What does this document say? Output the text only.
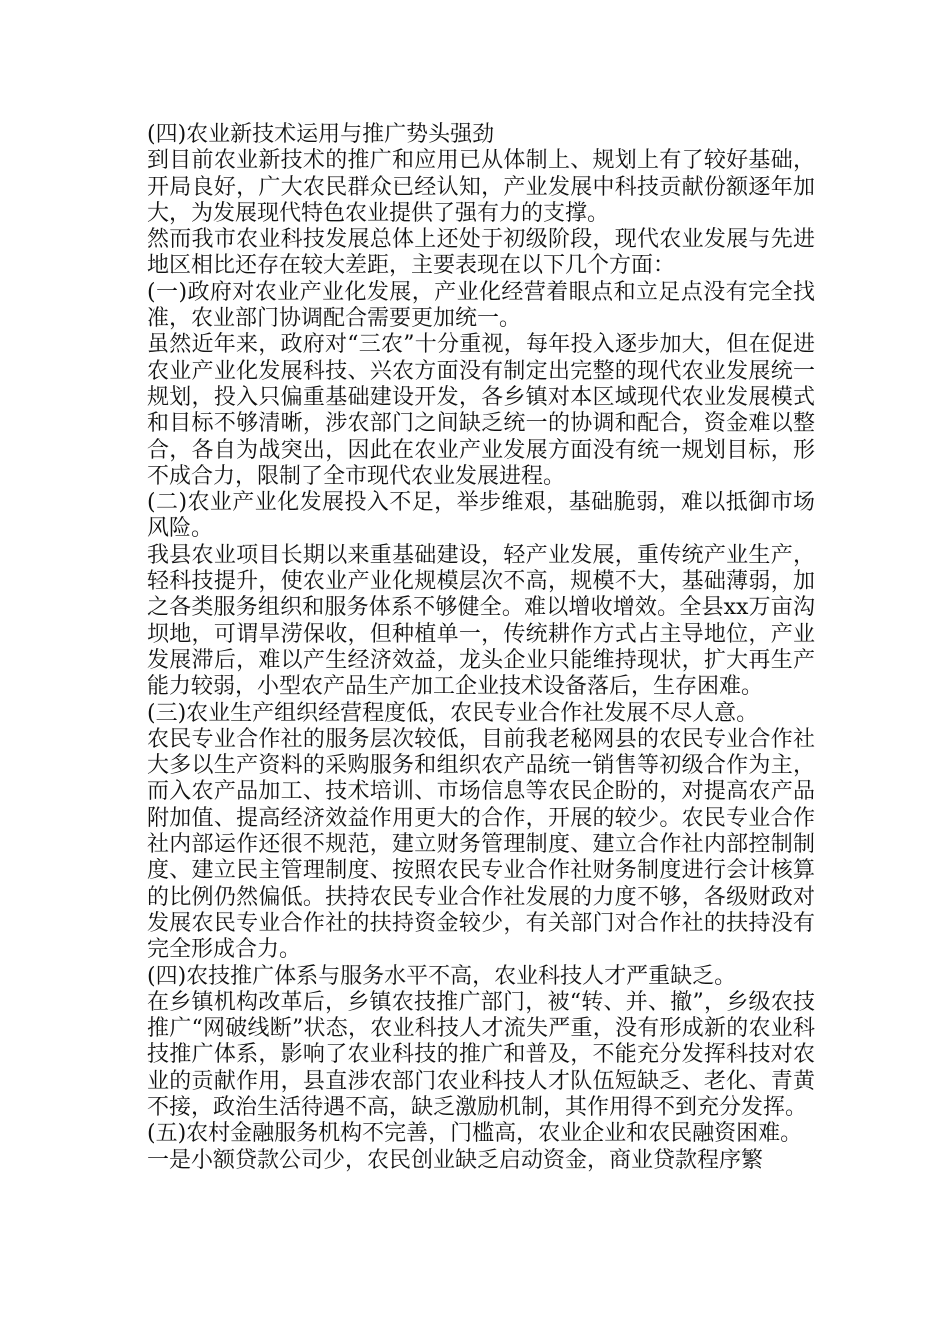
(四)农业新技术运用与推广势头强劲

到目前农业新技术的推广和应用已从体制上、规划上有了较好基础，开局良好，广大农民群众已经认知，产业发展中科技贡献份额逐年加大，为发展现代特色农业提供了强有力的支撑。

然而我市农业科技发展总体上还处于初级阶段，现代农业发展与先进地区相比还存在较大差距，主要表现在以下几个方面：

(一)政府对农业产业化发展，产业化经营着眼点和立足点没有完全找准，农业部门协调配合需要更加统一。

虽然近年来，政府对“三农”十分重视，每年投入逐步加大，但在促进农业产业化发展科技、兴农方面没有制定出完整的现代农业发展统一规划，投入只偏重基础建设开发，各乡镇对本区域现代农业发展模式和目标不够清晰，涉农部门之间缺乏统一的协调和配合，资金难以整合，各自为战突出，因此在农业产业发展方面没有统一规划目标，形不成合力，限制了全市现代农业发展进程。

(二)农业产业化发展投入不足，举步维艰，基础脆弱，难以抵御市场风险。

我县农业项目长期以来重基础建设，轻产业发展，重传统产业生产，轻科技提升，使农业产业化规模层次不高，规模不大，基础薄弱，加之各类服务组织和服务体系不够健全。难以增收增效。全县xx万亩沟坝地，可谓旱涝保收，但种植单一，传统耕作方式占主导地位，产业发展滞后，难以产生经济效益，龙头企业只能维持现状，扩大再生产能力较弱，小型农产品生产加工企业技术设备落后，生存困难。

(三)农业生产组织经营程度低，农民专业合作社发展不尽人意。

农民专业合作社的服务层次较低，目前我老秘网县的农民专业合作社大多以生产资料的采购服务和组织农产品统一销售等初级合作为主，而入农产品加工、技术培训、市场信息等农民企盼的，对提高农产品附加值、提高经济效益作用更大的合作，开展的较少。农民专业合作社内部运作还很不规范，建立财务管理制度、建立合作社内部控制制度、建立民主管理制度、按照农民专业合作社财务制度进行会计核算的比例仍然偏低。扶持农民专业合作社发展的力度不够，各级财政对发展农民专业合作社的扶持资金较少，有关部门对合作社的扶持没有完全形成合力。

(四)农技推广体系与服务水平不高，农业科技人才严重缺乏。

在乡镇机构改革后，乡镇农技推广部门，被“转、并、撤”，乡级农技推广“网破线断”状态，农业科技人才流失严重，没有形成新的农业科技推广体系，影响了农业科技的推广和普及，不能充分发挥科技对农业的贡献作用，县直涉农部门农业科技人才队伍短缺乏、老化、青黄不接，政治生活待遇不高，缺乏激励机制，其作用得不到充分发挥。

(五)农村金融服务机构不完善，门槛高，农业企业和农民融资困难。

一是小额贷款公司少，农民创业缺乏启动资金，商业贷款程序繁
